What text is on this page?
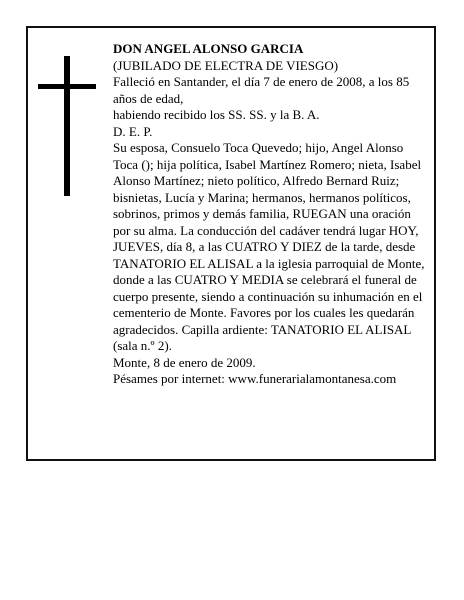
DON ANGEL ALONSO GARCIA

(JUBILADO DE ELECTRA DE VIESGO)

Falleció en Santander, el día 7 de enero de 2008, a los 85 años de edad,

habiendo recibido los SS. SS. y la B. A.

D. E. P.

Su esposa, Consuelo Toca Quevedo; hijo, Angel Alonso Toca (); hija política, Isabel Martínez Romero; nieta, Isabel Alonso Martínez; nieto político, Alfredo Bernard Ruiz; bisnietas, Lucía y Marina; hermanos, hermanos políticos, sobrinos, primos y demás familia, RUEGAN una oración por su alma. La conducción del cadáver tendrá lugar HOY, JUEVES, día 8, a las CUATRO Y DIEZ de la tarde, desde TANATORIO EL ALISAL a la iglesia parroquial de Monte, donde a las CUATRO Y MEDIA se celebrará el funeral de cuerpo presente, siendo a continuación su inhumación en el cementerio de Monte. Favores por los cuales les quedarán agradecidos. Capilla ardiente: TANATORIO EL ALISAL (sala n.º 2).

Monte, 8 de enero de 2009.

Pésames por internet: www.funerarialamontanesa.com
